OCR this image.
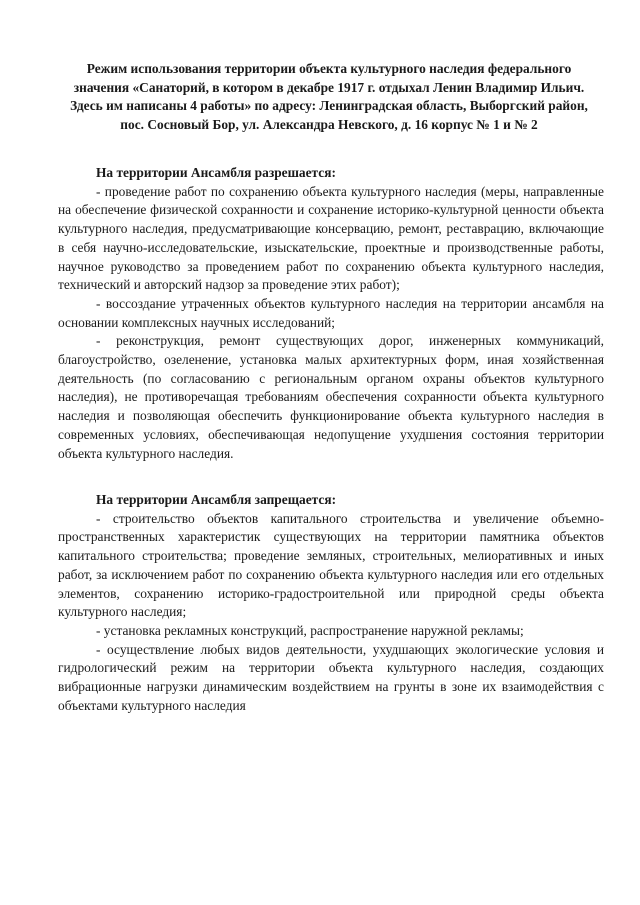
Режим использования территории объекта культурного наследия федерального значения «Санаторий, в котором в декабре 1917 г. отдыхал Ленин Владимир Ильич. Здесь им написаны 4 работы» по адресу: Ленинградская область, Выборгский район, пос. Сосновый Бор, ул. Александра Невского, д. 16 корпус № 1 и № 2

На территории Ансамбля разрешается:

- проведение работ по сохранению объекта культурного наследия (меры, направленные на обеспечение физической сохранности и сохранение историко-культурной ценности объекта культурного наследия, предусматривающие консервацию, ремонт, реставрацию, включающие в себя научно-исследовательские, изыскательские, проектные и производственные работы, научное руководство за проведением работ по сохранению объекта культурного наследия, технический и авторский надзор за проведение этих работ);

- воссоздание утраченных объектов культурного наследия на территории ансамбля на основании комплексных научных исследований;

- реконструкция, ремонт существующих дорог, инженерных коммуникаций, благоустройство, озеленение, установка малых архитектурных форм, иная хозяйственная деятельность (по согласованию с региональным органом охраны объектов культурного наследия), не противоречащая требованиям обеспечения сохранности объекта культурного наследия и позволяющая обеспечить функционирование объекта культурного наследия в современных условиях, обеспечивающая недопущение ухудшения состояния территории объекта культурного наследия.

На территории Ансамбля запрещается:

- строительство объектов капитального строительства и увеличение объемно-пространственных характеристик существующих на территории памятника объектов капитального строительства; проведение земляных, строительных, мелиоративных и иных работ, за исключением работ по сохранению объекта культурного наследия или его отдельных элементов, сохранению историко-градостроительной или природной среды объекта культурного наследия;

- установка рекламных конструкций, распространение наружной рекламы;

- осуществление любых видов деятельности, ухудшающих экологические условия и гидрологический режим на территории объекта культурного наследия, создающих вибрационные нагрузки динамическим воздействием на грунты в зоне их взаимодействия с объектами культурного наследия
